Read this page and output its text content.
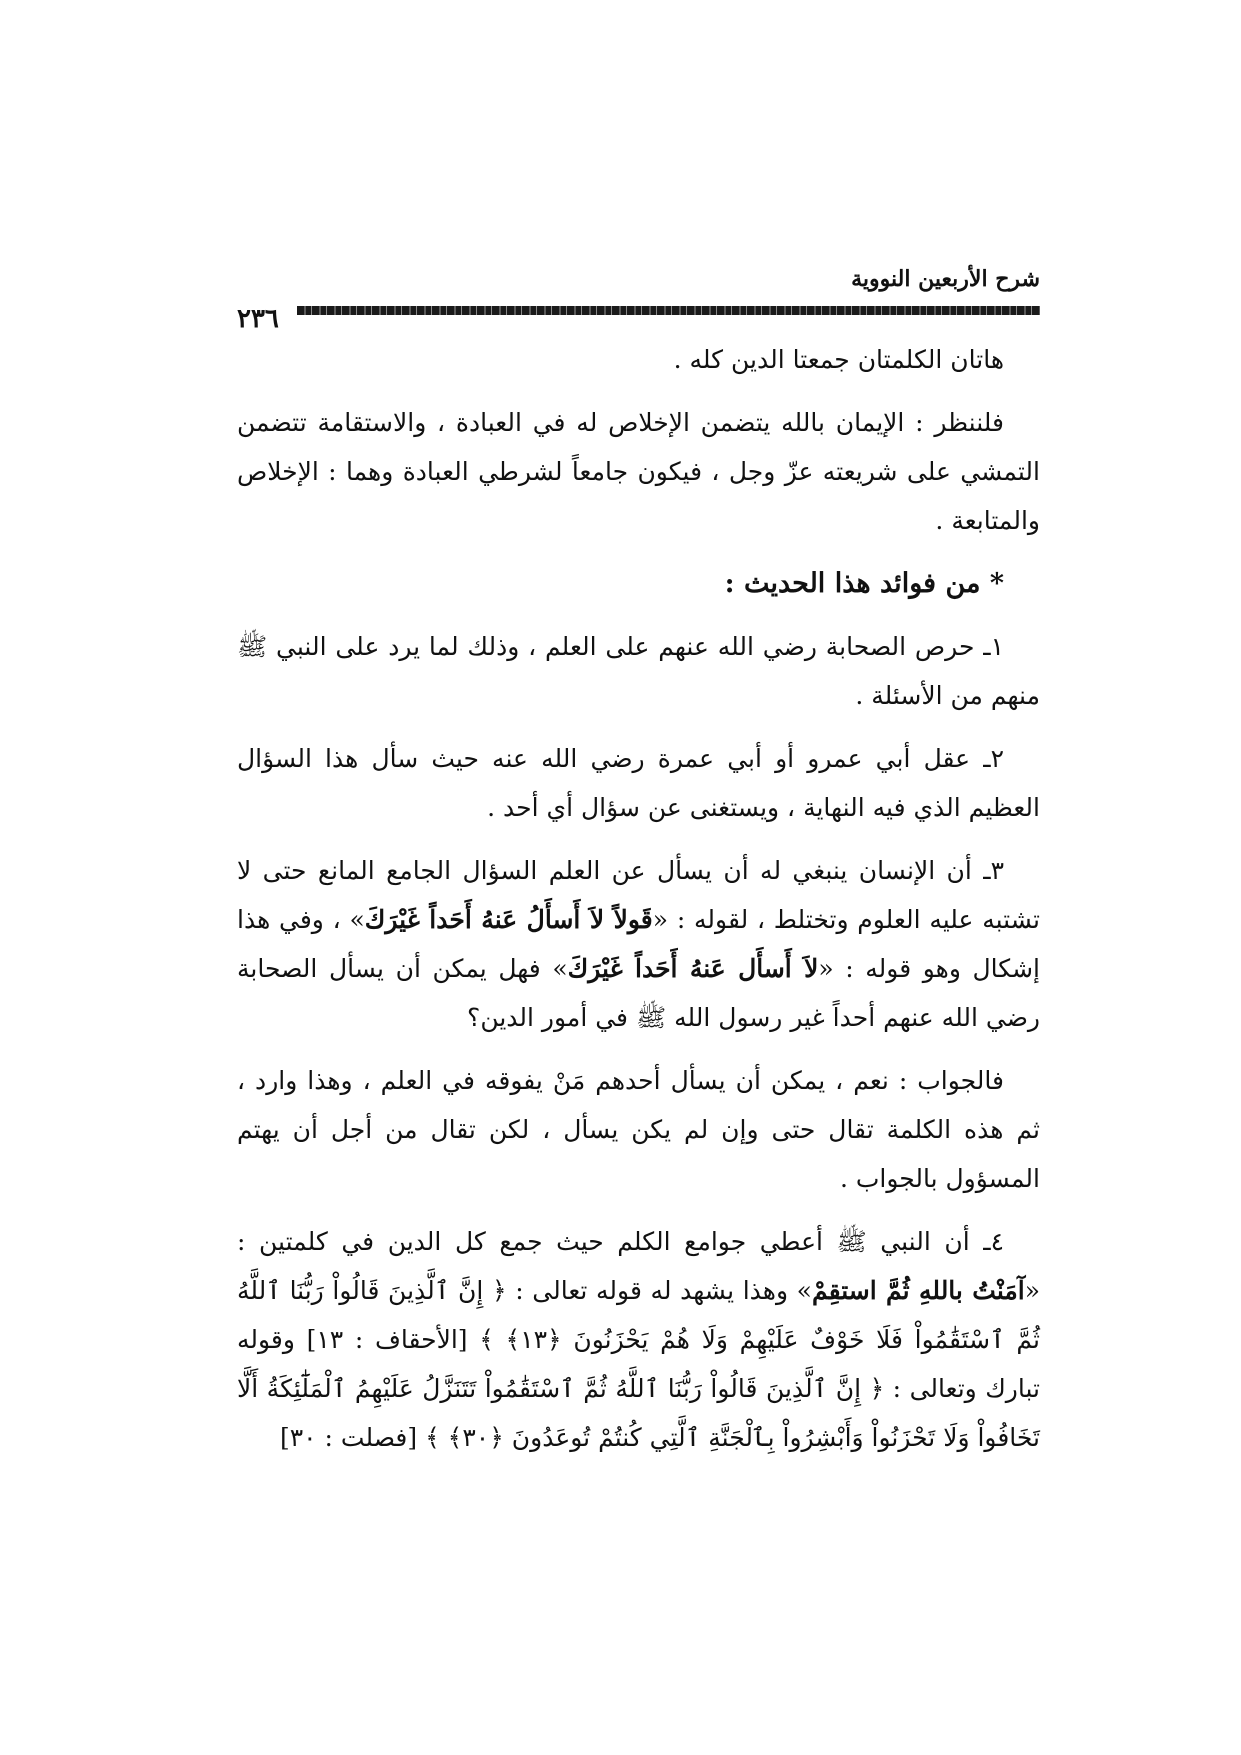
شرح الأربعين النووية
٢٣٦

هاتان الكلمتان جمعتا الدين كله .

فلننظر : الإيمان بالله يتضمن الإخلاص له في العبادة ، والاستقامة تتضمن التمشي على شريعته عزّ وجل ، فيكون جامعاً لشرطي العبادة وهما : الإخلاص والمتابعة .

* من فوائد هذا الحديث :

١ـ حرص الصحابة رضي الله عنهم على العلم ، وذلك لما يرد على النبي ﷺ منهم من الأسئلة .

٢ـ عقل أبي عمرو أو أبي عمرة رضي الله عنه حيث سأل هذا السؤال العظيم الذي فيه النهاية ، ويستغنى عن سؤال أي أحد .

٣ـ أن الإنسان ينبغي له أن يسأل عن العلم السؤال الجامع المانع حتى لا تشتبه عليه العلوم وتختلط ، لقوله : «قَولاً لاَ أَسأَلُ عَنهُ أَحَداً غَيْرَكَ» ، وفي هذا إشكال وهو قوله : «لاَ أَسأَل عَنهُ أَحَداً غَيْرَكَ» فهل يمكن أن يسأل الصحابة رضي الله عنهم أحداً غير رسول الله ﷺ في أمور الدين؟

فالجواب : نعم ، يمكن أن يسأل أحدهم مَنْ يفوقه في العلم ، وهذا وارد ، ثم هذه الكلمة تقال حتى وإن لم يكن يسأل ، لكن تقال من أجل أن يهتم المسؤول بالجواب .

٤ـ أن النبي ﷺ أعطي جوامع الكلم حيث جمع كل الدين في كلمتين : «آمَنْتُ باللهِ ثُمَّ استقِمْ» وهذا يشهد له قوله تعالى : ﴿ إِنَّ ٱلَّذِينَ قَالُواْ رَبُّنَا ٱللَّهُ ثُمَّ ٱسْتَقَٰمُواْ فَلَا خَوْفٌ عَلَيْهِمْ وَلَا هُمْ يَحْزَنُونَ ﴿١٣﴾ ﴾ [الأحقاف : ١٣] وقوله تبارك وتعالى : ﴿ إِنَّ ٱلَّذِينَ قَالُواْ رَبُّنَا ٱللَّهُ ثُمَّ ٱسْتَقَٰمُواْ تَتَنَزَّلُ عَلَيْهِمُ ٱلْمَلَٰٓئِكَةُ أَلَّا تَخَافُواْ وَلَا تَحْزَنُواْ وَأَبْشِرُواْ بِٱلْجَنَّةِ ٱلَّتِي كُنتُمْ تُوعَدُونَ ﴿٣٠﴾ ﴾ [فصلت : ٣٠]
